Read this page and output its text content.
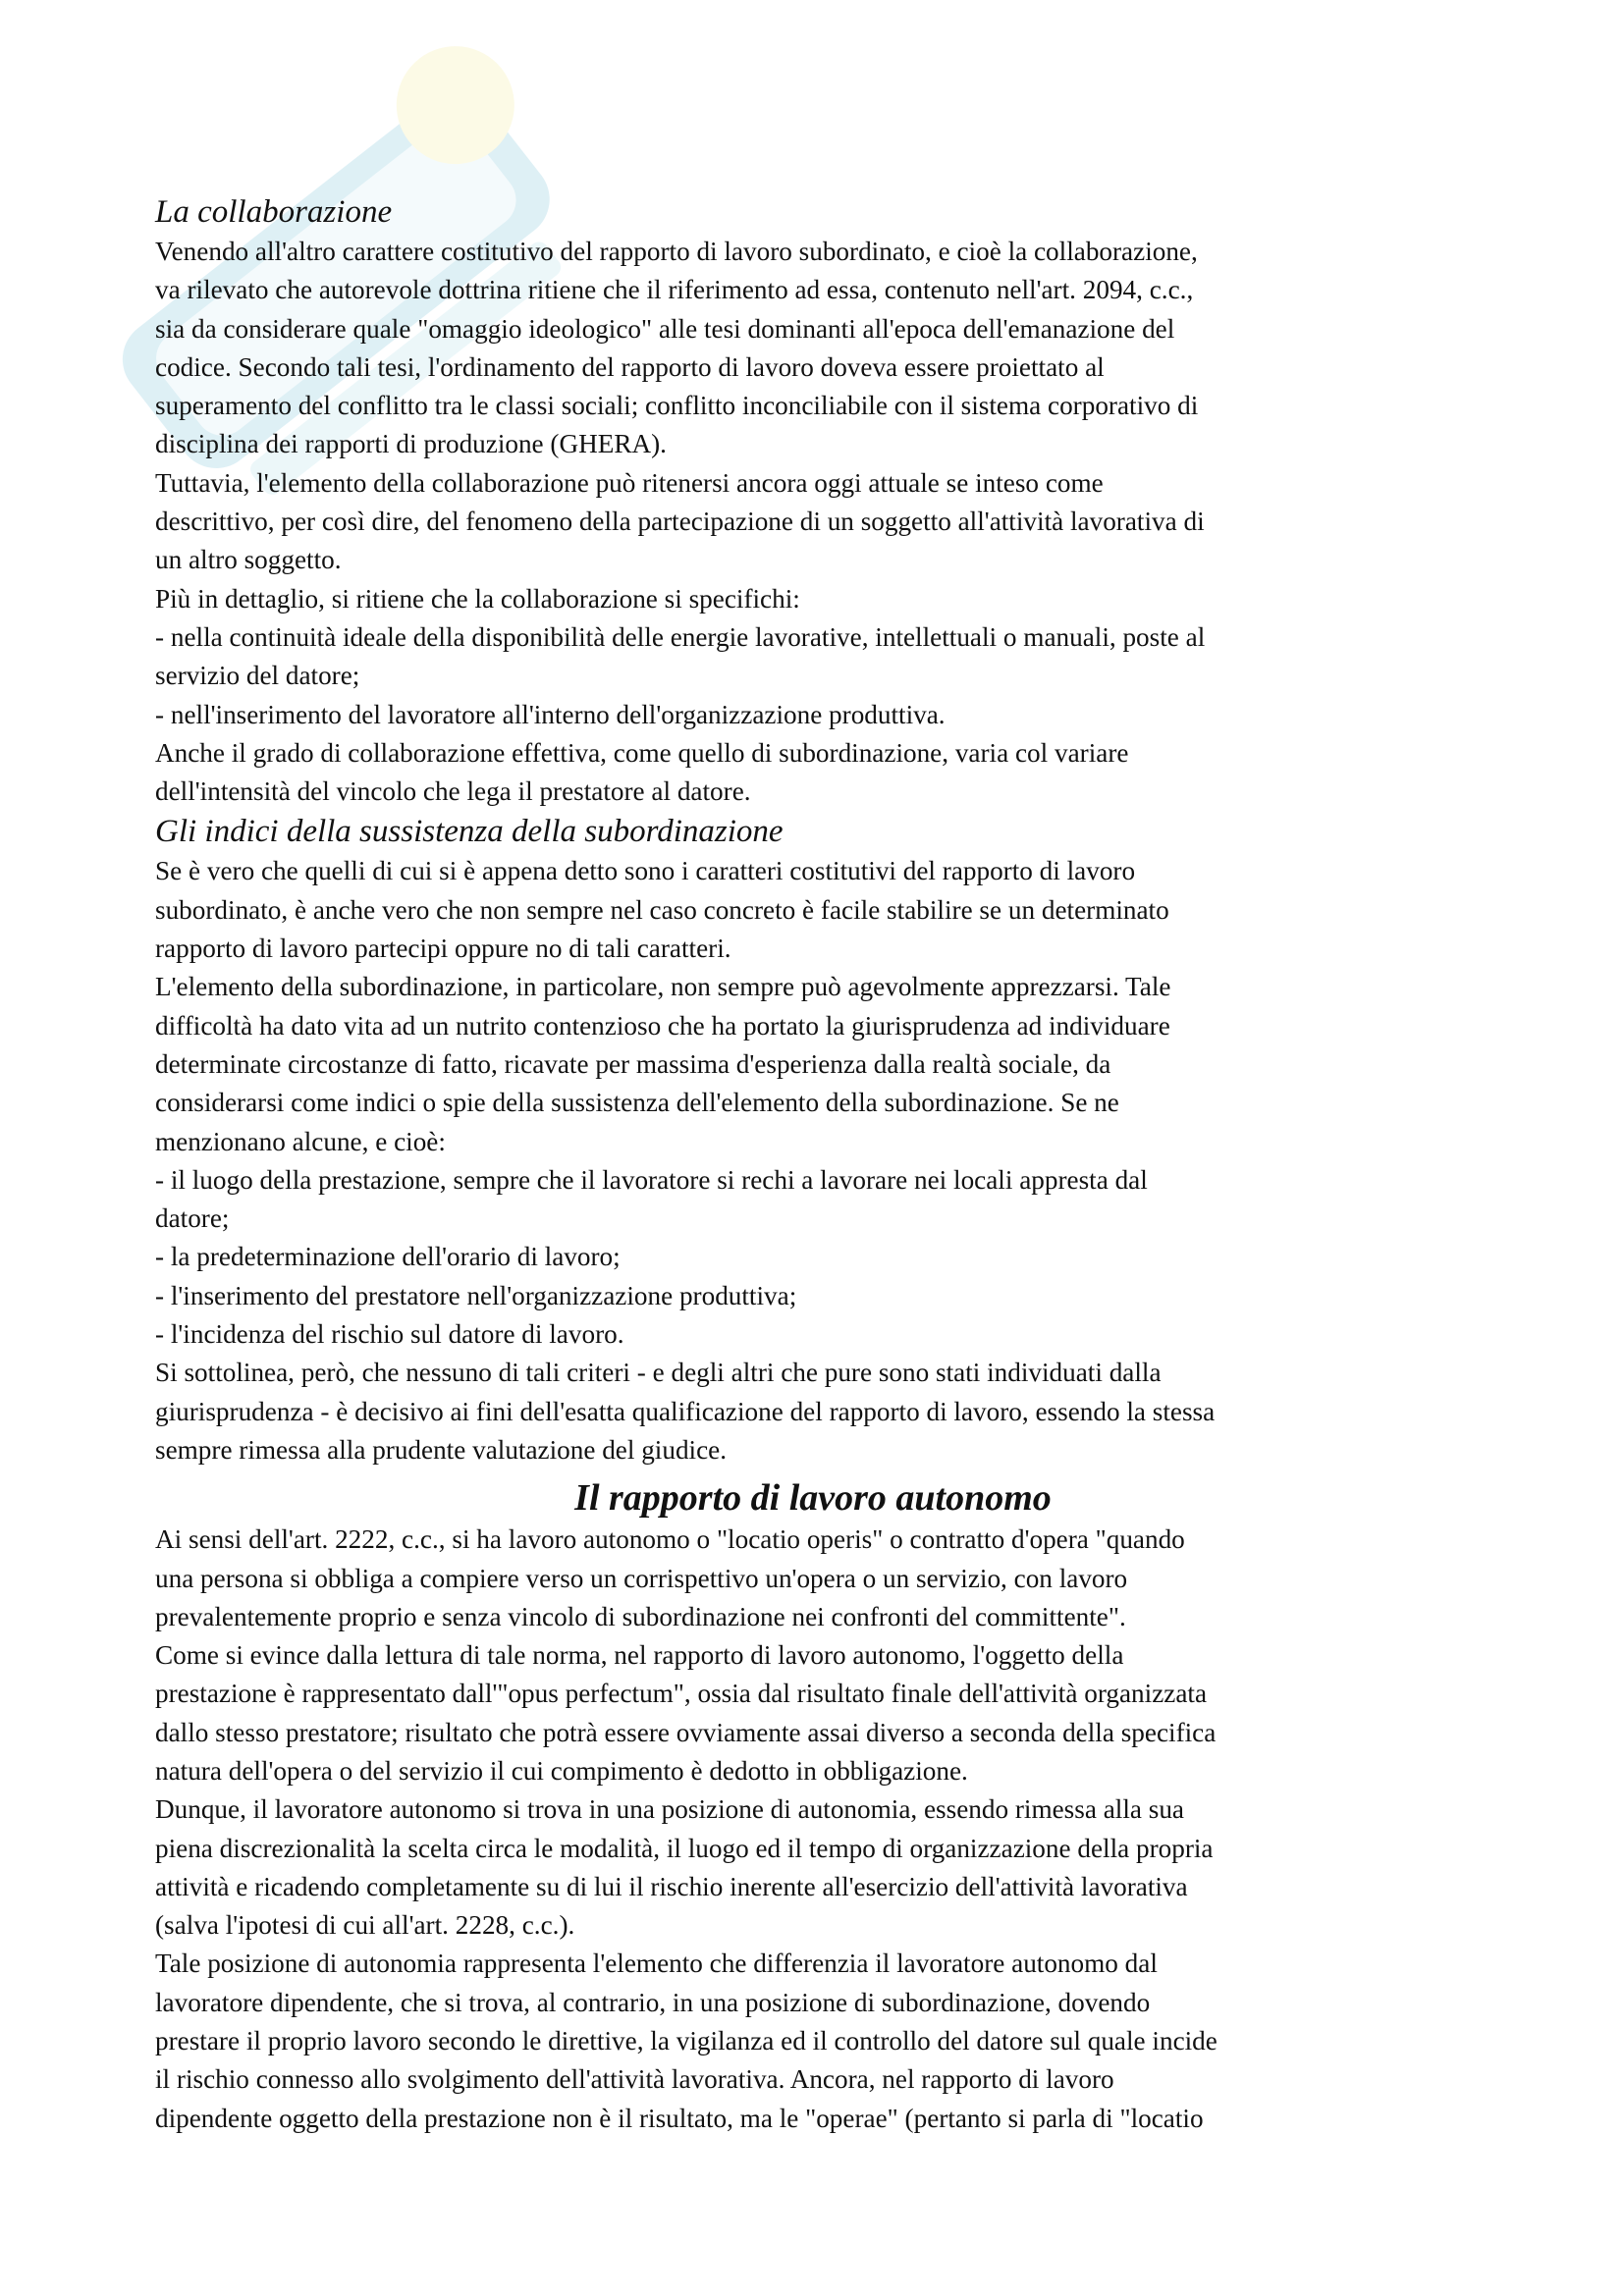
La collaborazione

Venendo all'altro carattere costitutivo del rapporto di lavoro subordinato, e cioè la collaborazione,

va rilevato che autorevole dottrina ritiene che il riferimento ad essa, contenuto nell'art. 2094, c.c.,

sia da considerare quale "omaggio ideologico" alle tesi dominanti all'epoca dell'emanazione del

codice. Secondo tali tesi, l'ordinamento del rapporto di lavoro doveva essere proiettato al

superamento del conflitto tra le classi sociali; conflitto inconciliabile con il sistema corporativo di

disciplina dei rapporti di produzione (GHERA).

Tuttavia, l'elemento della collaborazione può ritenersi ancora oggi attuale se inteso come

descrittivo, per così dire, del fenomeno della partecipazione di un soggetto all'attività lavorativa di

un altro soggetto.

Più in dettaglio, si ritiene che la collaborazione si specifichi:

- nella continuità ideale della disponibilità delle energie lavorative, intellettuali o manuali, poste al

servizio del datore;

- nell'inserimento del lavoratore all'interno dell'organizzazione produttiva.

Anche il grado di collaborazione effettiva, come quello di subordinazione, varia col variare

dell'intensità del vincolo che lega il prestatore al datore.

Gli indici della sussistenza della subordinazione

Se è vero che quelli di cui si è appena detto sono i caratteri costitutivi del rapporto di lavoro

subordinato, è anche vero che non sempre nel caso concreto è facile stabilire se un determinato

rapporto di lavoro partecipi oppure no di tali caratteri.

L'elemento della subordinazione, in particolare, non sempre può agevolmente apprezzarsi. Tale

difficoltà ha dato vita ad un nutrito contenzioso che ha portato la giurisprudenza ad individuare

determinate circostanze di fatto, ricavate per massima d'esperienza dalla realtà sociale, da

considerarsi come indici o spie della sussistenza dell'elemento della subordinazione. Se ne

menzionano alcune, e cioè:

- il luogo della prestazione, sempre che il lavoratore si rechi a lavorare nei locali appresta dal

datore;

- la predeterminazione dell'orario di lavoro;

- l'inserimento del prestatore nell'organizzazione produttiva;

- l'incidenza del rischio sul datore di lavoro.

Si sottolinea, però, che nessuno di tali criteri - e degli altri che pure sono stati individuati dalla

giurisprudenza - è decisivo ai fini dell'esatta qualificazione del rapporto di lavoro, essendo la stessa

sempre rimessa alla prudente valutazione del giudice.

Il rapporto di lavoro autonomo

Ai sensi dell'art. 2222, c.c., si ha lavoro autonomo o "locatio operis" o contratto d'opera "quando

una persona si obbliga a compiere verso un corrispettivo un'opera o un servizio, con lavoro

prevalentemente proprio e senza vincolo di subordinazione nei confronti del committente".

Come si evince dalla lettura di tale norma, nel rapporto di lavoro autonomo, l'oggetto della

prestazione è rappresentato dall'"opus perfectum", ossia dal risultato finale dell'attività organizzata

dallo stesso prestatore; risultato che potrà essere ovviamente assai diverso a seconda della specifica

natura dell'opera o del servizio il cui compimento è dedotto in obbligazione.

Dunque, il lavoratore autonomo si trova in una posizione di autonomia, essendo rimessa alla sua

piena discrezionalità la scelta circa le modalità, il luogo ed il tempo di organizzazione della propria

attività e ricadendo completamente su di lui il rischio inerente all'esercizio dell'attività lavorativa

(salva l'ipotesi di cui all'art. 2228, c.c.).

Tale posizione di autonomia rappresenta l'elemento che differenzia il lavoratore autonomo dal

lavoratore dipendente, che si trova, al contrario, in una posizione di subordinazione, dovendo

prestare il proprio lavoro secondo le direttive, la vigilanza ed il controllo del datore sul quale incide

il rischio connesso allo svolgimento dell'attività lavorativa. Ancora, nel rapporto di lavoro

dipendente oggetto della prestazione non è il risultato, ma le "operae" (pertanto si parla di "locatio
